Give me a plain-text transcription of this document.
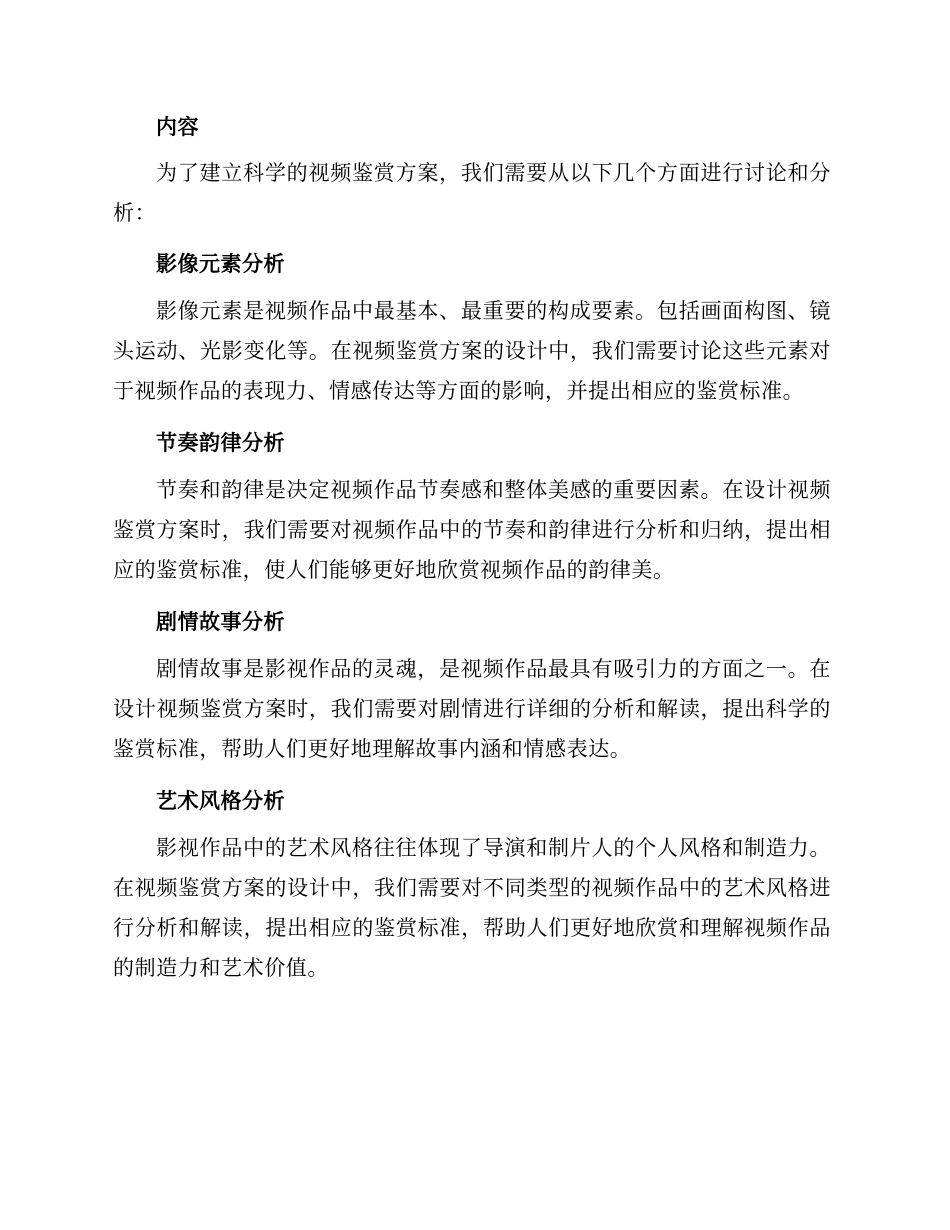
内容

为了建立科学的视频鉴赏方案，我们需要从以下几个方面进行讨论和分析：

影像元素分析

影像元素是视频作品中最基本、最重要的构成要素。包括画面构图、镜头运动、光影变化等。在视频鉴赏方案的设计中，我们需要讨论这些元素对于视频作品的表现力、情感传达等方面的影响，并提出相应的鉴赏标准。

节奏韵律分析

节奏和韵律是决定视频作品节奏感和整体美感的重要因素。在设计视频鉴赏方案时，我们需要对视频作品中的节奏和韵律进行分析和归纳，提出相应的鉴赏标准，使人们能够更好地欣赏视频作品的韵律美。

剧情故事分析

剧情故事是影视作品的灵魂，是视频作品最具有吸引力的方面之一。在设计视频鉴赏方案时，我们需要对剧情进行详细的分析和解读，提出科学的鉴赏标准，帮助人们更好地理解故事内涵和情感表达。

艺术风格分析

影视作品中的艺术风格往往体现了导演和制片人的个人风格和制造力。在视频鉴赏方案的设计中，我们需要对不同类型的视频作品中的艺术风格进行分析和解读，提出相应的鉴赏标准，帮助人们更好地欣赏和理解视频作品的制造力和艺术价值。
